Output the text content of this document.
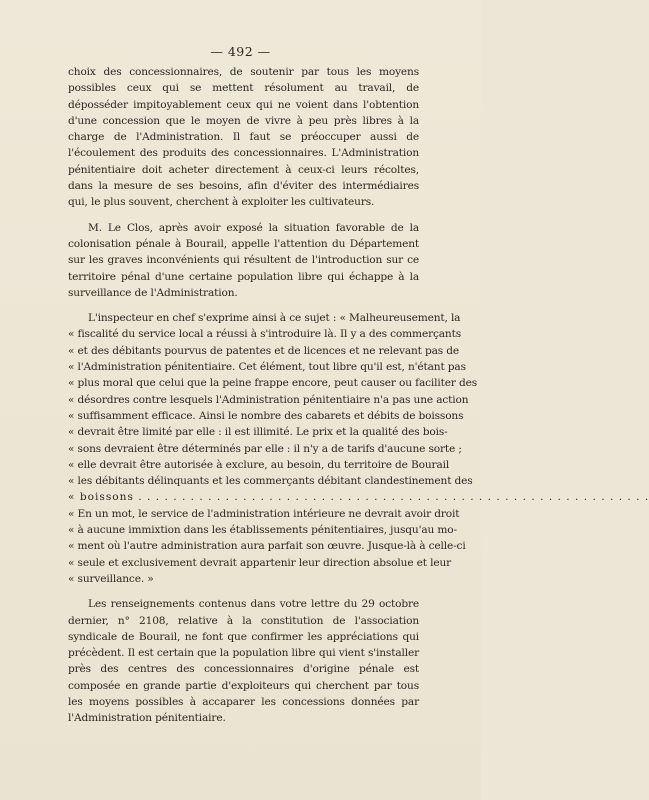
— 492 —

choix des concessionnaires, de soutenir par tous les moyens possibles ceux qui se mettent résolument au travail, de déposséder impitoyablement ceux qui ne voient dans l'obtention d'une concession que le moyen de vivre à peu près libres à la charge de l'Administration. Il faut se préoccuper aussi de l'écoulement des produits des concessionnaires. L'Administration pénitentiaire doit acheter directement à ceux-ci leurs récoltes, dans la mesure de ses besoins, afin d'éviter des intermédiaires qui, le plus souvent, cherchent à exploiter les cultivateurs.

M. Le Clos, après avoir exposé la situation favorable de la colonisation pénale à Bourail, appelle l'attention du Département sur les graves inconvénients qui résultent de l'introduction sur ce territoire pénal d'une certaine population libre qui échappe à la surveillance de l'Administration.

L'inspecteur en chef s'exprime ainsi à ce sujet : « Malheureusement, la
« fiscalité du service local a réussi à s'introduire là. Il y a des commerçants
« et des débitants pourvus de patentes et de licences et ne relevant pas de
« l'Administration pénitentiaire. Cet élément, tout libre qu'il est, n'étant pas
« plus moral que celui que la peine frappe encore, peut causer ou faciliter des
« désordres contre lesquels l'Administration pénitentiaire n'a pas une action
« suffisamment efficace. Ainsi le nombre des cabarets et débits de boissons
« devrait être limité par elle : il est illimité. Le prix et la qualité des bois-
« sons devraient être déterminés par elle : il n'y a de tarifs d'aucune sorte ;
« elle devrait être autorisée à exclure, au besoin, du territoire de Bourail
« les débitants délinquants et les commerçants débitant clandestinement des
« boissons . . . . . . . . . . . . . . . . . . . . . . . . . . . . . . . . . . . . . . . . . . . . . . . . . . . . . . . . . . .
« En un mot, le service de l'administration intérieure ne devrait avoir droit
« à aucune immixtion dans les établissements pénitentiaires, jusqu'au mo-
« ment où l'autre administration aura parfait son œuvre. Jusque-là à celle-ci
« seule et exclusivement devrait appartenir leur direction absolue et leur
« surveillance. »

Les renseignements contenus dans votre lettre du 29 octobre dernier, n° 2108, relative à la constitution de l'association syndicale de Bourail, ne font que confirmer les appréciations qui précèdent. Il est certain que la population libre qui vient s'installer près des centres des concessionnaires d'origine pénale est composée en grande partie d'exploiteurs qui cherchent par tous les moyens possibles à accaparer les concessions données par l'Administration pénitentiaire.
